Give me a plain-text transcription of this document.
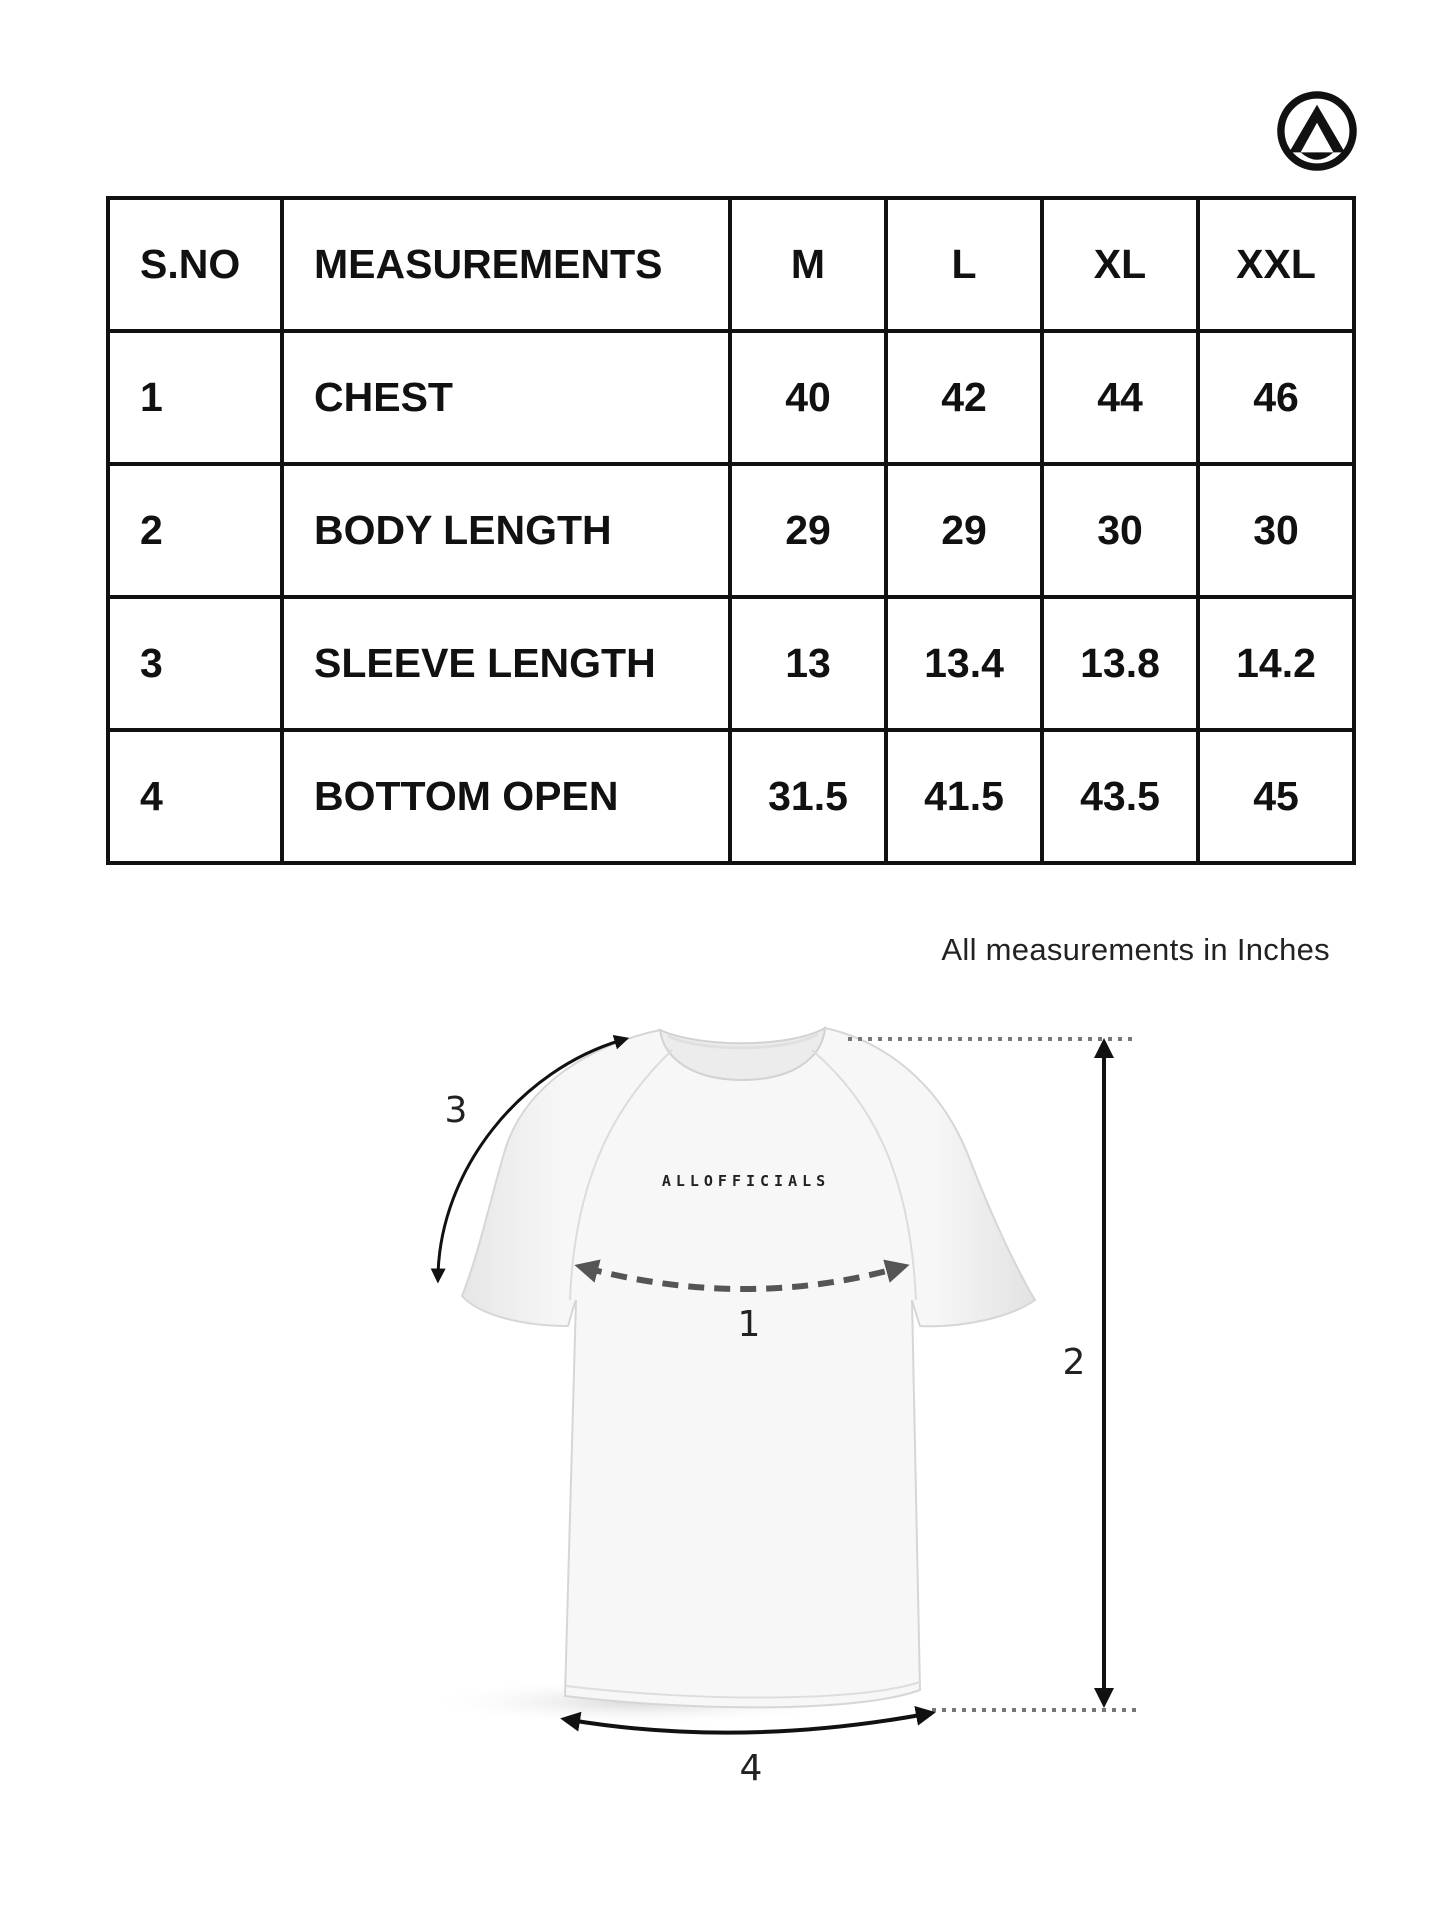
S.NO	MEASUREMENTS	M	L	XL	XXL
1	CHEST	40	42	44	46
2	BODY LENGTH	29	29	30	30
3	SLEEVE LENGTH	13	13.4	13.8	14.2
4	BOTTOM OPEN	31.5	41.5	43.5	45
All measurements in Inches
ALLOFFICIALS
1
3
2
4
